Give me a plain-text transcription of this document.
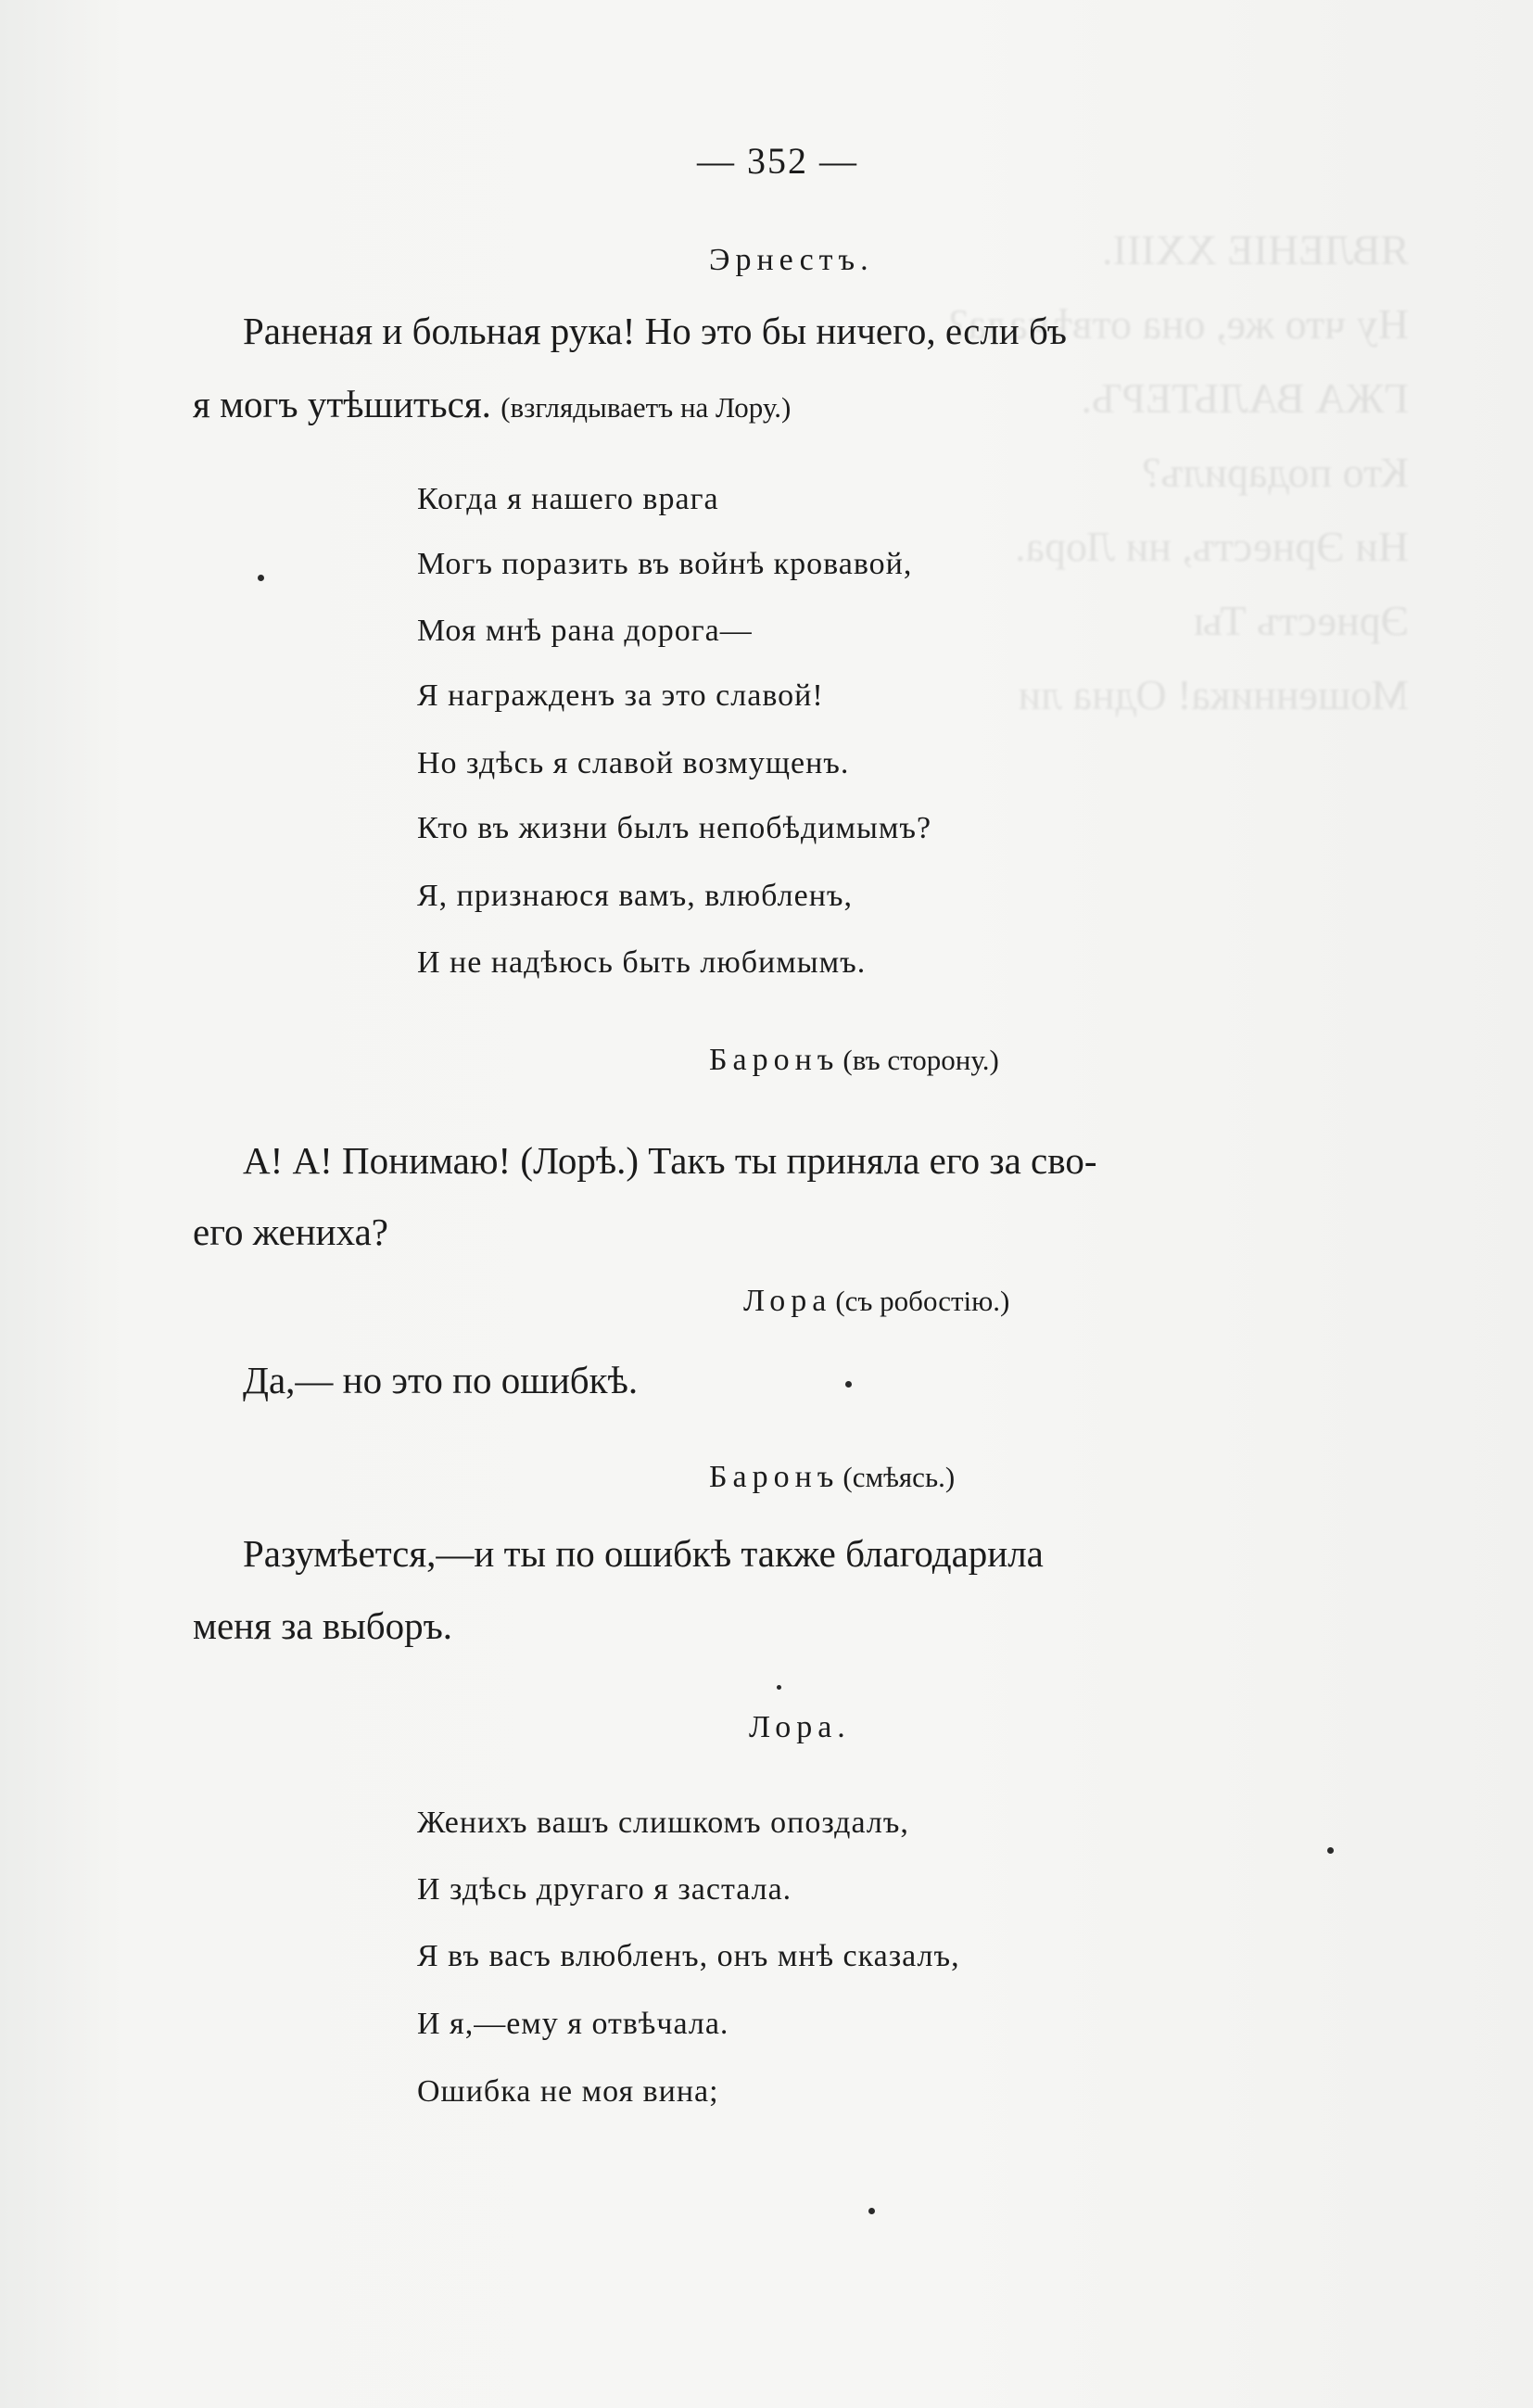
ЯВЛЕНІЕ XXIII.
Ну что же, она отвѣчала?
ГЖА ВАЛЬТЕРЪ.
Кто подарилъ?
Ни Эрнестъ, ни Лора.
Эрнестъ Ты
Мошенника! Одна ли
— 352 —
Эрнестъ.
Раненая и больная рука! Но это бы ничего, если бъ
я могъ утѣшиться. (взглядываетъ на Лору.)
Когда я нашего врага
Могъ поразить въ войнѣ кровавой,
Моя мнѣ рана дорога—
Я награжденъ за это славой!
Но здѣсь я славой возмущенъ.
Кто въ жизни былъ непобѣдимымъ?
Я, признаюся вамъ, влюбленъ,
И не надѣюсь быть любимымъ.
Баронъ (въ сторону.)
А! А! Понимаю! (Лорѣ.) Такъ ты приняла его за сво-
его жениха?
Лора (съ робостію.)
Да,— но это по ошибкѣ.
Баронъ (смѣясь.)
Разумѣется,—и ты по ошибкѣ также благодарила
меня за выборъ.
Лора.
Женихъ вашъ слишкомъ опоздалъ,
И здѣсь другаго я застала.
Я въ васъ влюбленъ, онъ мнѣ сказалъ,
И я,—ему я отвѣчала.
Ошибка не моя вина;
